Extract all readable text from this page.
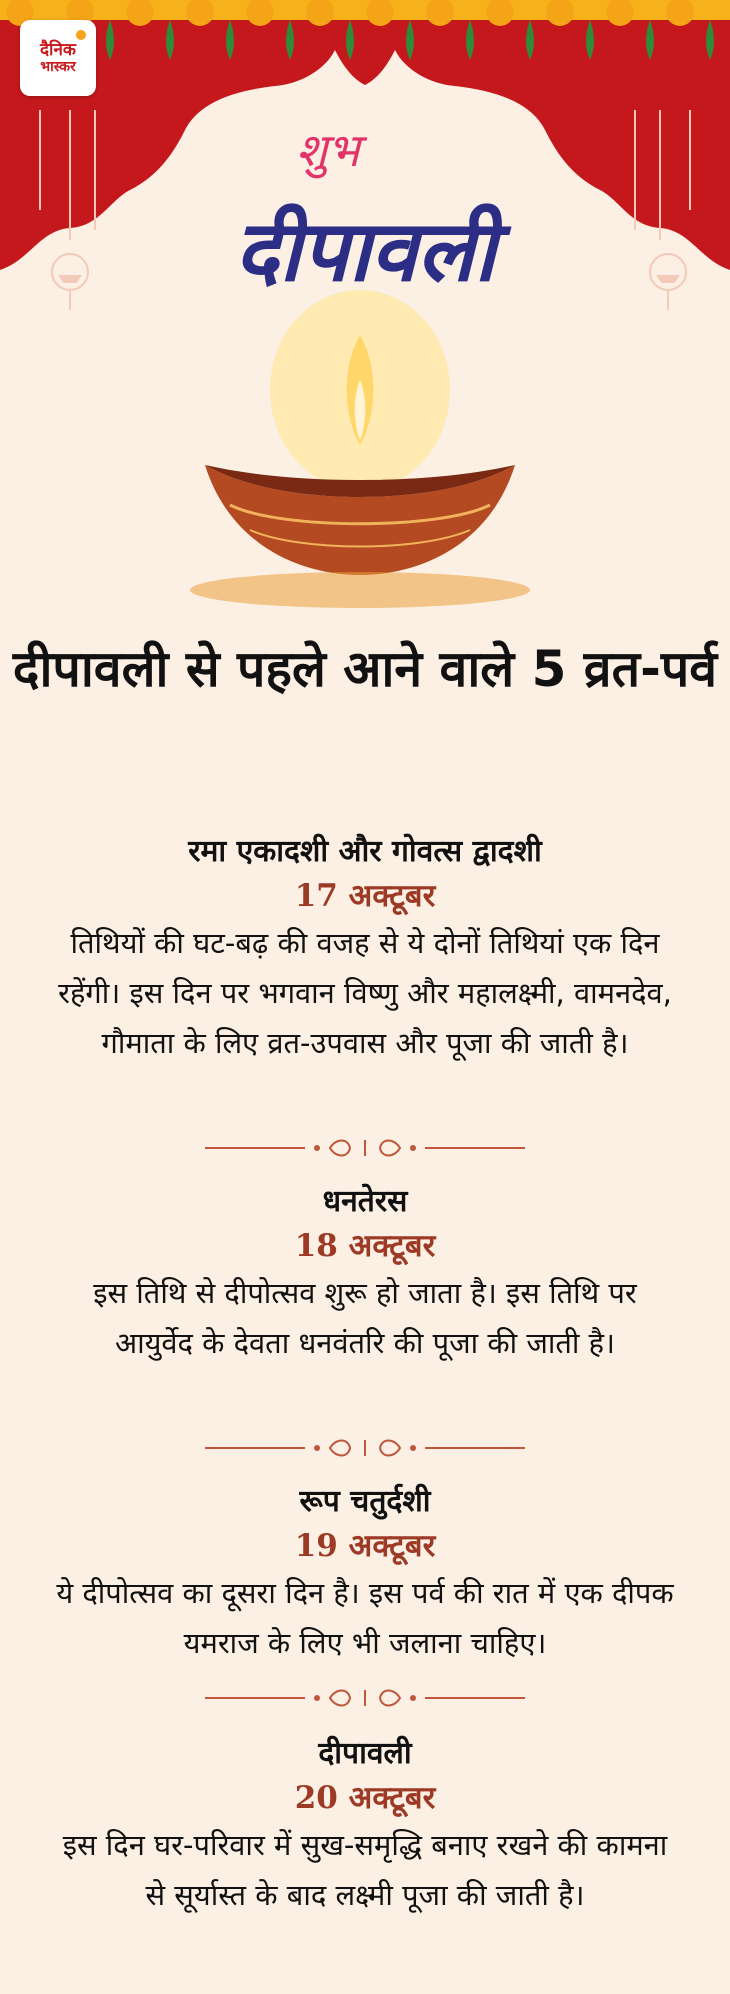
दैनिक
भास्कर
शुभ
दीपावली
दीपावली से पहले आने वाले 5 व्रत-पर्व
रमा एकादशी और गोवत्स द्वादशी
17 अक्टूबर
तिथियों की घट-बढ़ की वजह से ये दोनों तिथियां एक दिन रहेंगी। इस दिन पर भगवान विष्णु और महालक्ष्मी, वामनदेव, गौमाता के लिए व्रत-उपवास और पूजा की जाती है।
धनतेरस
18 अक्टूबर
इस तिथि से दीपोत्सव शुरू हो जाता है। इस तिथि पर आयुर्वेद के देवता धनवंतरि की पूजा की जाती है।
रूप चतुर्दशी
19 अक्टूबर
ये दीपोत्सव का दूसरा दिन है। इस पर्व की रात में एक दीपक यमराज के लिए भी जलाना चाहिए।
दीपावली
20 अक्टूबर
इस दिन घर-परिवार में सुख-समृद्धि बनाए रखने की कामना से सूर्यास्त के बाद लक्ष्मी पूजा की जाती है।
